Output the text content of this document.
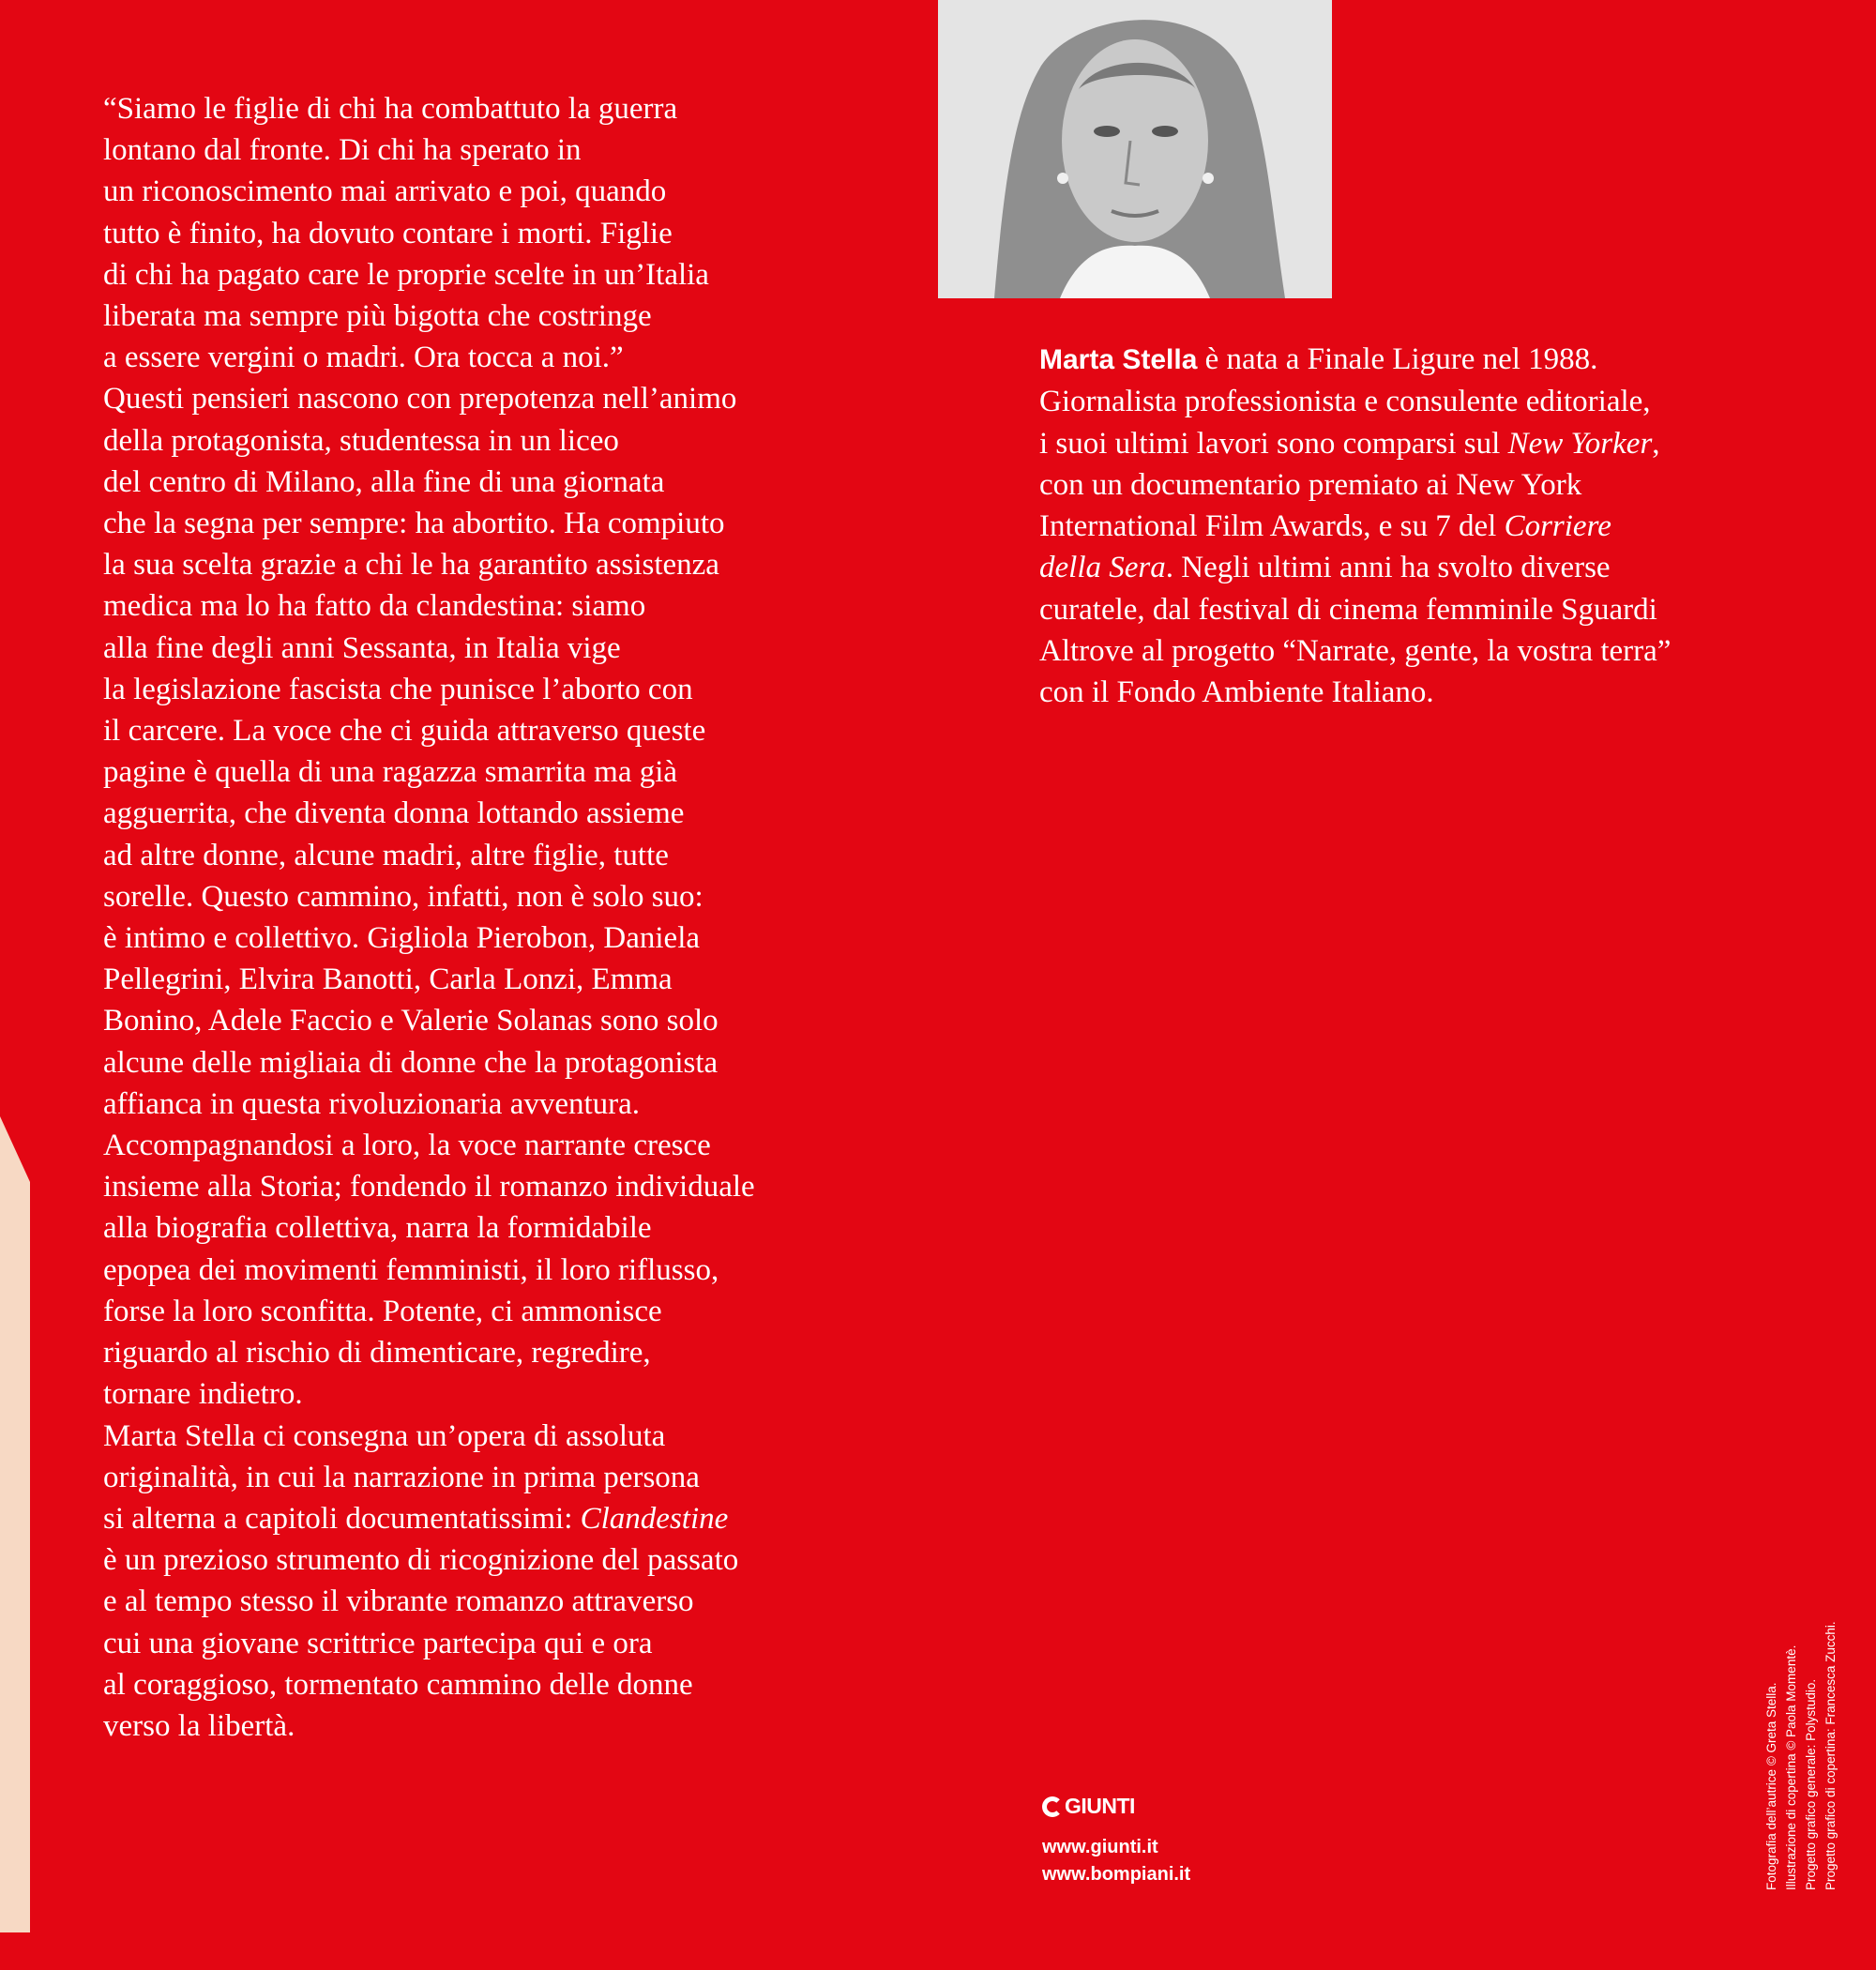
“Siamo le figlie di chi ha combattuto la guerra

lontano dal fronte. Di chi ha sperato in

un riconoscimento mai arrivato e poi, quando

tutto è finito, ha dovuto contare i morti. Figlie

di chi ha pagato care le proprie scelte in un’Italia

liberata ma sempre più bigotta che costringe

a essere vergini o madri. Ora tocca a noi.”

Questi pensieri nascono con prepotenza nell’animo

della protagonista, studentessa in un liceo

del centro di Milano, alla fine di una giornata

che la segna per sempre: ha abortito. Ha compiuto

la sua scelta grazie a chi le ha garantito assistenza

medica ma lo ha fatto da clandestina: siamo

alla fine degli anni Sessanta, in Italia vige

la legislazione fascista che punisce l’aborto con

il carcere. La voce che ci guida attraverso queste

pagine è quella di una ragazza smarrita ma già

agguerrita, che diventa donna lottando assieme

ad altre donne, alcune madri, altre figlie, tutte

sorelle. Questo cammino, infatti, non è solo suo:

è intimo e collettivo. Gigliola Pierobon, Daniela

Pellegrini, Elvira Banotti, Carla Lonzi, Emma

Bonino, Adele Faccio e Valerie Solanas sono solo

alcune delle migliaia di donne che la protagonista

affianca in questa rivoluzionaria avventura.

Accompagnandosi a loro, la voce narrante cresce

insieme alla Storia; fondendo il romanzo individuale

alla biografia collettiva, narra la formidabile

epopea dei movimenti femministi, il loro riflusso,

forse la loro sconfitta. Potente, ci ammonisce

riguardo al rischio di dimenticare, regredire,

tornare indietro.

Marta Stella ci consegna un’opera di assoluta

originalità, in cui la narrazione in prima persona

si alterna a capitoli documentatissimi: Clandestine

è un prezioso strumento di ricognizione del passato

e al tempo stesso il vibrante romanzo attraverso

cui una giovane scrittrice partecipa qui e ora

al coraggioso, tormentato cammino delle donne

verso la libertà.

Marta Stella è nata a Finale Ligure nel 1988.

Giornalista professionista e consulente editoriale,

i suoi ultimi lavori sono comparsi sul New Yorker,

con un documentario premiato ai New York

International Film Awards, e su 7 del Corriere

della Sera. Negli ultimi anni ha svolto diverse

curatele, dal festival di cinema femminile Sguardi

Altrove al progetto “Narrate, gente, la vostra terra”

con il Fondo Ambiente Italiano.

GIUNTI
www.giunti.it
www.bompiani.it	Fotografia dell’autrice © Greta Stella. Illustrazione di copertina © Paola Momentè. Progetto grafico generale: Polystudio. Progetto grafico di copertina: Francesca Zucchi.
